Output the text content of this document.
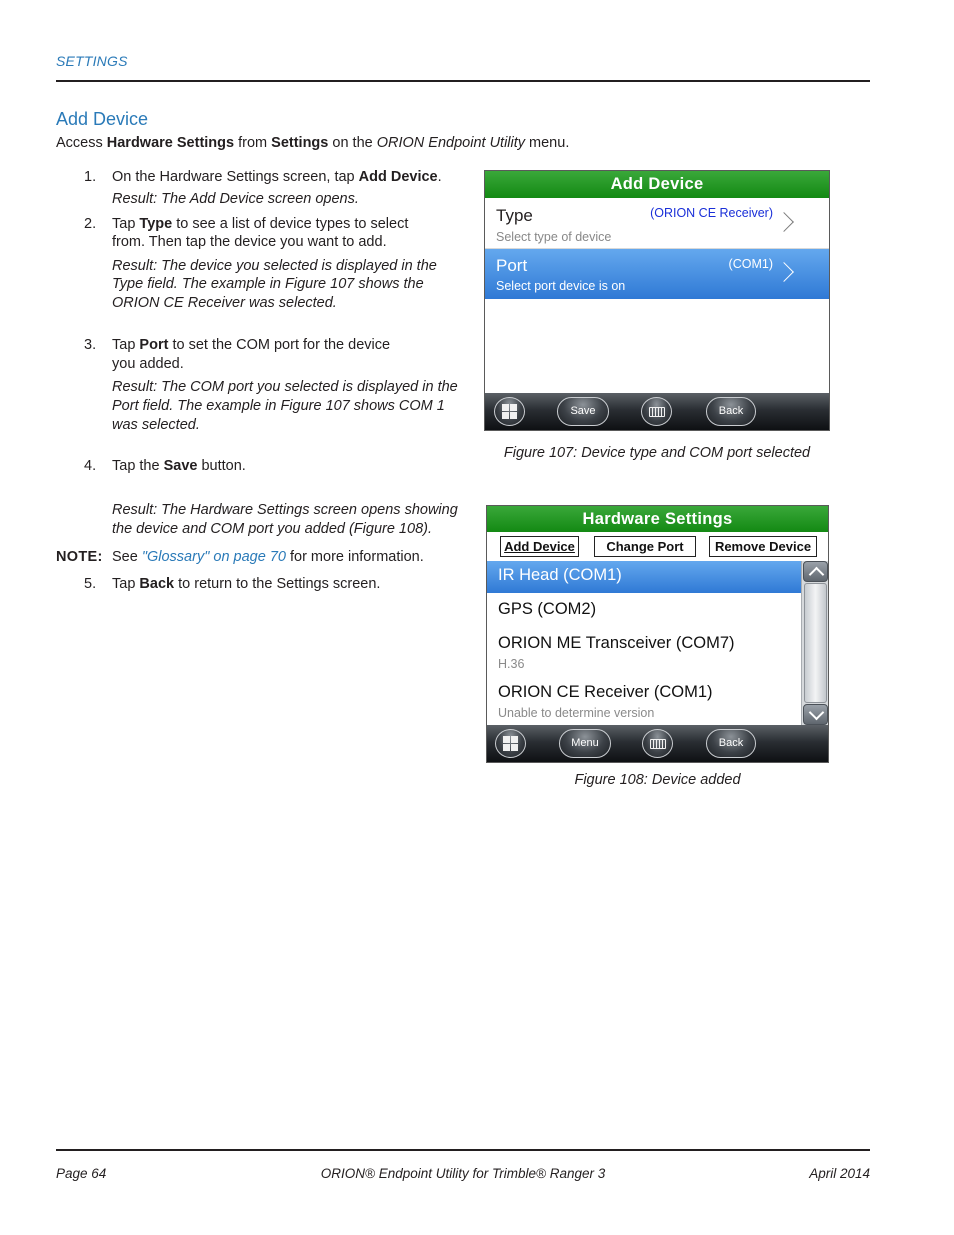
SETTINGS
Add Device
Access Hardware Settings from Settings on the ORION Endpoint Utility menu.
1.	On the Hardware Settings screen, tap Add Device.
Result: The Add Device screen opens.
2.	Tap Type to see a list of device types to select
from. Then tap the device you want to add.
Result: The device you selected is displayed in the
Type field. The example in Figure 107 shows the
ORION CE Receiver was selected.
3.	Tap Port to set the COM port for the device
you added.
Result: The COM port you selected is displayed in the
Port field. The example in Figure 107 shows COM 1
was selected.
4.	Tap the Save button.
Result: The Hardware Settings screen opens showing
the device and COM port you added (Figure 108).
NOTE: See "Glossary" on page 70 for more information.
5.	Tap Back to return to the Settings screen.
Add Device
Type
Select type of device
(ORION CE Receiver)
Port
Select port device is on
(COM1)
Save	Back
Figure 107: Device type and COM port selected
Hardware Settings
Add Device	Change Port	Remove Device
IR Head (COM1)
GPS (COM2)
ORION ME Transceiver (COM7)
H.36
ORION CE Receiver (COM1)
Unable to determine version
Menu	Back
Figure 108: Device added
Page 64	ORION® Endpoint Utility for Trimble® Ranger 3	April 2014
